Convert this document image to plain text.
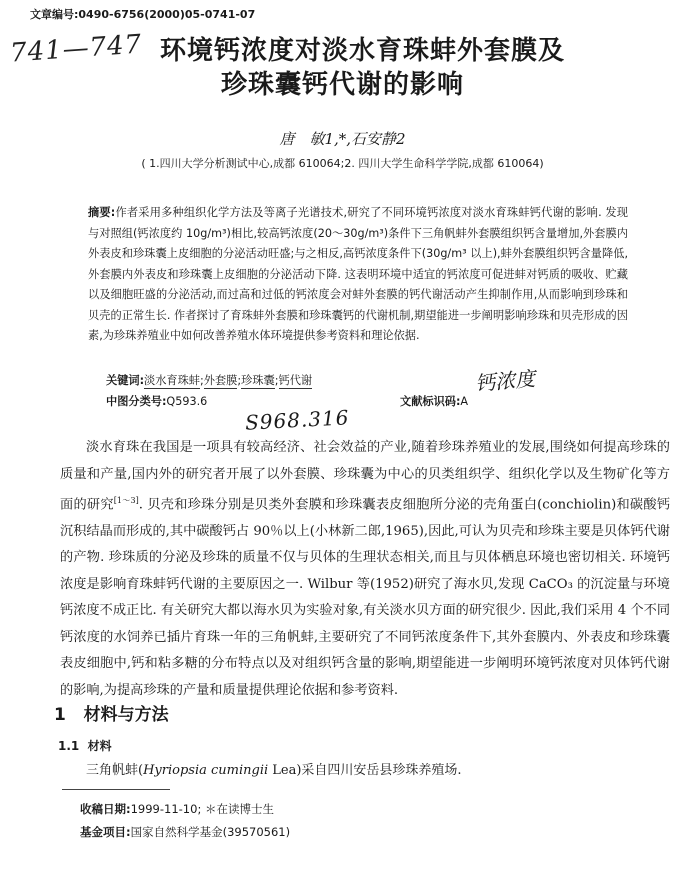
文章编号:0490-6756(2000)05-0741-07
741—747 环境钙浓度对淡水育珠蚌外套膜及
珍珠囊钙代谢的影响
唐　敏1,*,石安静2
( 1.四川大学分析测试中心,成都 610064;2. 四川大学生命科学学院,成都 610064)
摘要:作者采用多种组织化学方法及等离子光谱技术,研究了不同环境钙浓度对淡水育珠蚌钙代谢的影响. 发现与对照组(钙浓度约 10g/m³)相比,较高钙浓度(20～30g/m³)条件下三角帆蚌外套膜组织钙含量增加,外套膜内外表皮和珍珠囊上皮细胞的分泌活动旺盛;与之相反,高钙浓度条件下(30g/m³ 以上),蚌外套膜组织钙含量降低,外套膜内外表皮和珍珠囊上皮细胞的分泌活动下降. 这表明环境中适宜的钙浓度可促进蚌对钙质的吸收、贮藏以及细胞旺盛的分泌活动,而过高和过低的钙浓度会对蚌外套膜的钙代谢活动产生抑制作用,从而影响到珍珠和贝壳的正常生长. 作者探讨了育珠蚌外套膜和珍珠囊钙的代谢机制,期望能进一步阐明影响珍珠和贝壳形成的因素,为珍珠养殖业中如何改善养殖水体环境提供参考资料和理论依据.
关键词:淡水育珠蚌;外套膜;珍珠囊;钙代谢	钙浓度
中图分类号:Q593.6	文献标识码:A
S968.316
淡水育珠在我国是一项具有较高经济、社会效益的产业,随着珍珠养殖业的发展,围绕如何提高珍珠的质量和产量,国内外的研究者开展了以外套膜、珍珠囊为中心的贝类组织学、组织化学以及生物矿化等方面的研究[1～3]. 贝壳和珍珠分别是贝类外套膜和珍珠囊表皮细胞所分泌的壳角蛋白(conchiolin)和碳酸钙沉积结晶而形成的,其中碳酸钙占 90％以上(小林新二郎,1965),因此,可认为贝壳和珍珠主要是贝体钙代谢的产物. 珍珠质的分泌及珍珠的质量不仅与贝体的生理状态相关,而且与贝体栖息环境也密切相关. 环境钙浓度是影响育珠蚌钙代谢的主要原因之一. Wilbur 等(1952)研究了海水贝,发现 CaCO₃ 的沉淀量与环境钙浓度不成正比. 有关研究大都以海水贝为实验对象,有关淡水贝方面的研究很少. 因此,我们采用 4 个不同钙浓度的水饲养已插片育珠一年的三角帆蚌,主要研究了不同钙浓度条件下,其外套膜内、外表皮和珍珠囊表皮细胞中,钙和粘多糖的分布特点以及对组织钙含量的影响,期望能进一步阐明环境钙浓度对贝体钙代谢的影响,为提高珍珠的产量和质量提供理论依据和参考资料.
1 材料与方法
1.1 材料
三角帆蚌(Hyriopsia cumingii Lea)采自四川安岳县珍珠养殖场.
收稿日期:1999-11-10; ＊在读博士生
基金项目:国家自然科学基金(39570561)
